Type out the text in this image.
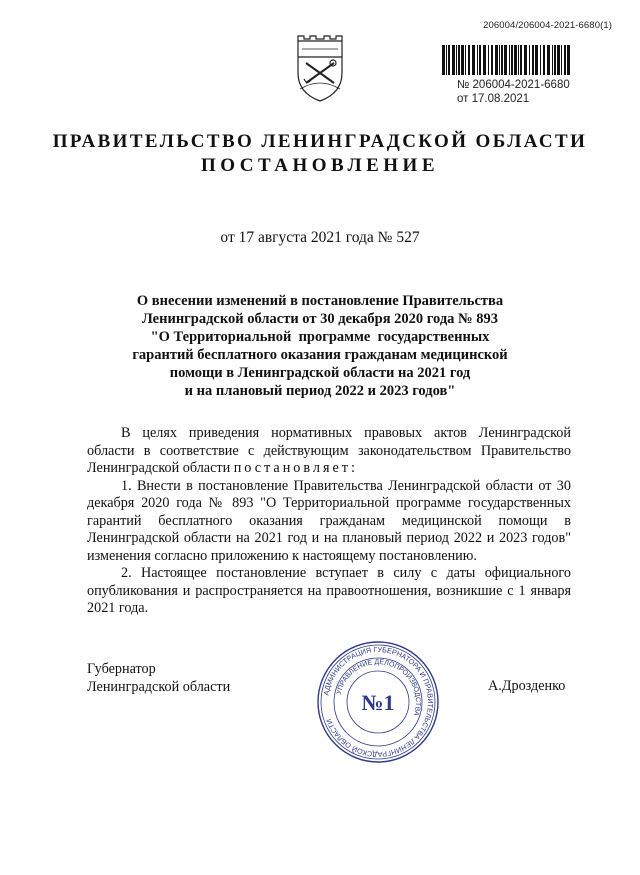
206004/206004-2021-6680(1)
№ 206004-2021-6680
от 17.08.2021
ПРАВИТЕЛЬСТВО ЛЕНИНГРАДСКОЙ ОБЛАСТИ
ПОСТАНОВЛЕНИЕ
от 17 августа 2021 года № 527
О внесении изменений в постановление Правительства
Ленинградской области от 30 декабря 2020 года № 893
"О Территориальной  программе  государственных
гарантий бесплатного оказания гражданам медицинской
помощи в Ленинградской области на 2021 год
и на плановый период 2022 и 2023 годов"

В целях приведения нормативных правовых актов Ленинградской области в соответствие с действующим законодательством Правительство Ленинградской области постановляет:

1. Внести в постановление Правительства Ленинградской области от 30 декабря 2020 года № 893 "О Территориальной программе государственных гарантий бесплатного оказания гражданам медицинской помощи в Ленинградской области на 2021 год и на плановый период 2022 и 2023 годов" изменения согласно приложению к настоящему постановлению.

2. Настоящее постановление вступает в силу с даты официального опубликования и распространяется на правоотношения, возникшие с 1 января 2021 года.

Губернатор
Ленинградской области	А.Дрозденко
АДМИНИСТРАЦИЯ ГУБЕРНАТОРА И ПРАВИТЕЛЬСТВА ЛЕНИНГРАДСКОЙ ОБЛАСТИ
УПРАВЛЕНИЕ ДЕЛОПРОИЗВОДСТВА
№1
